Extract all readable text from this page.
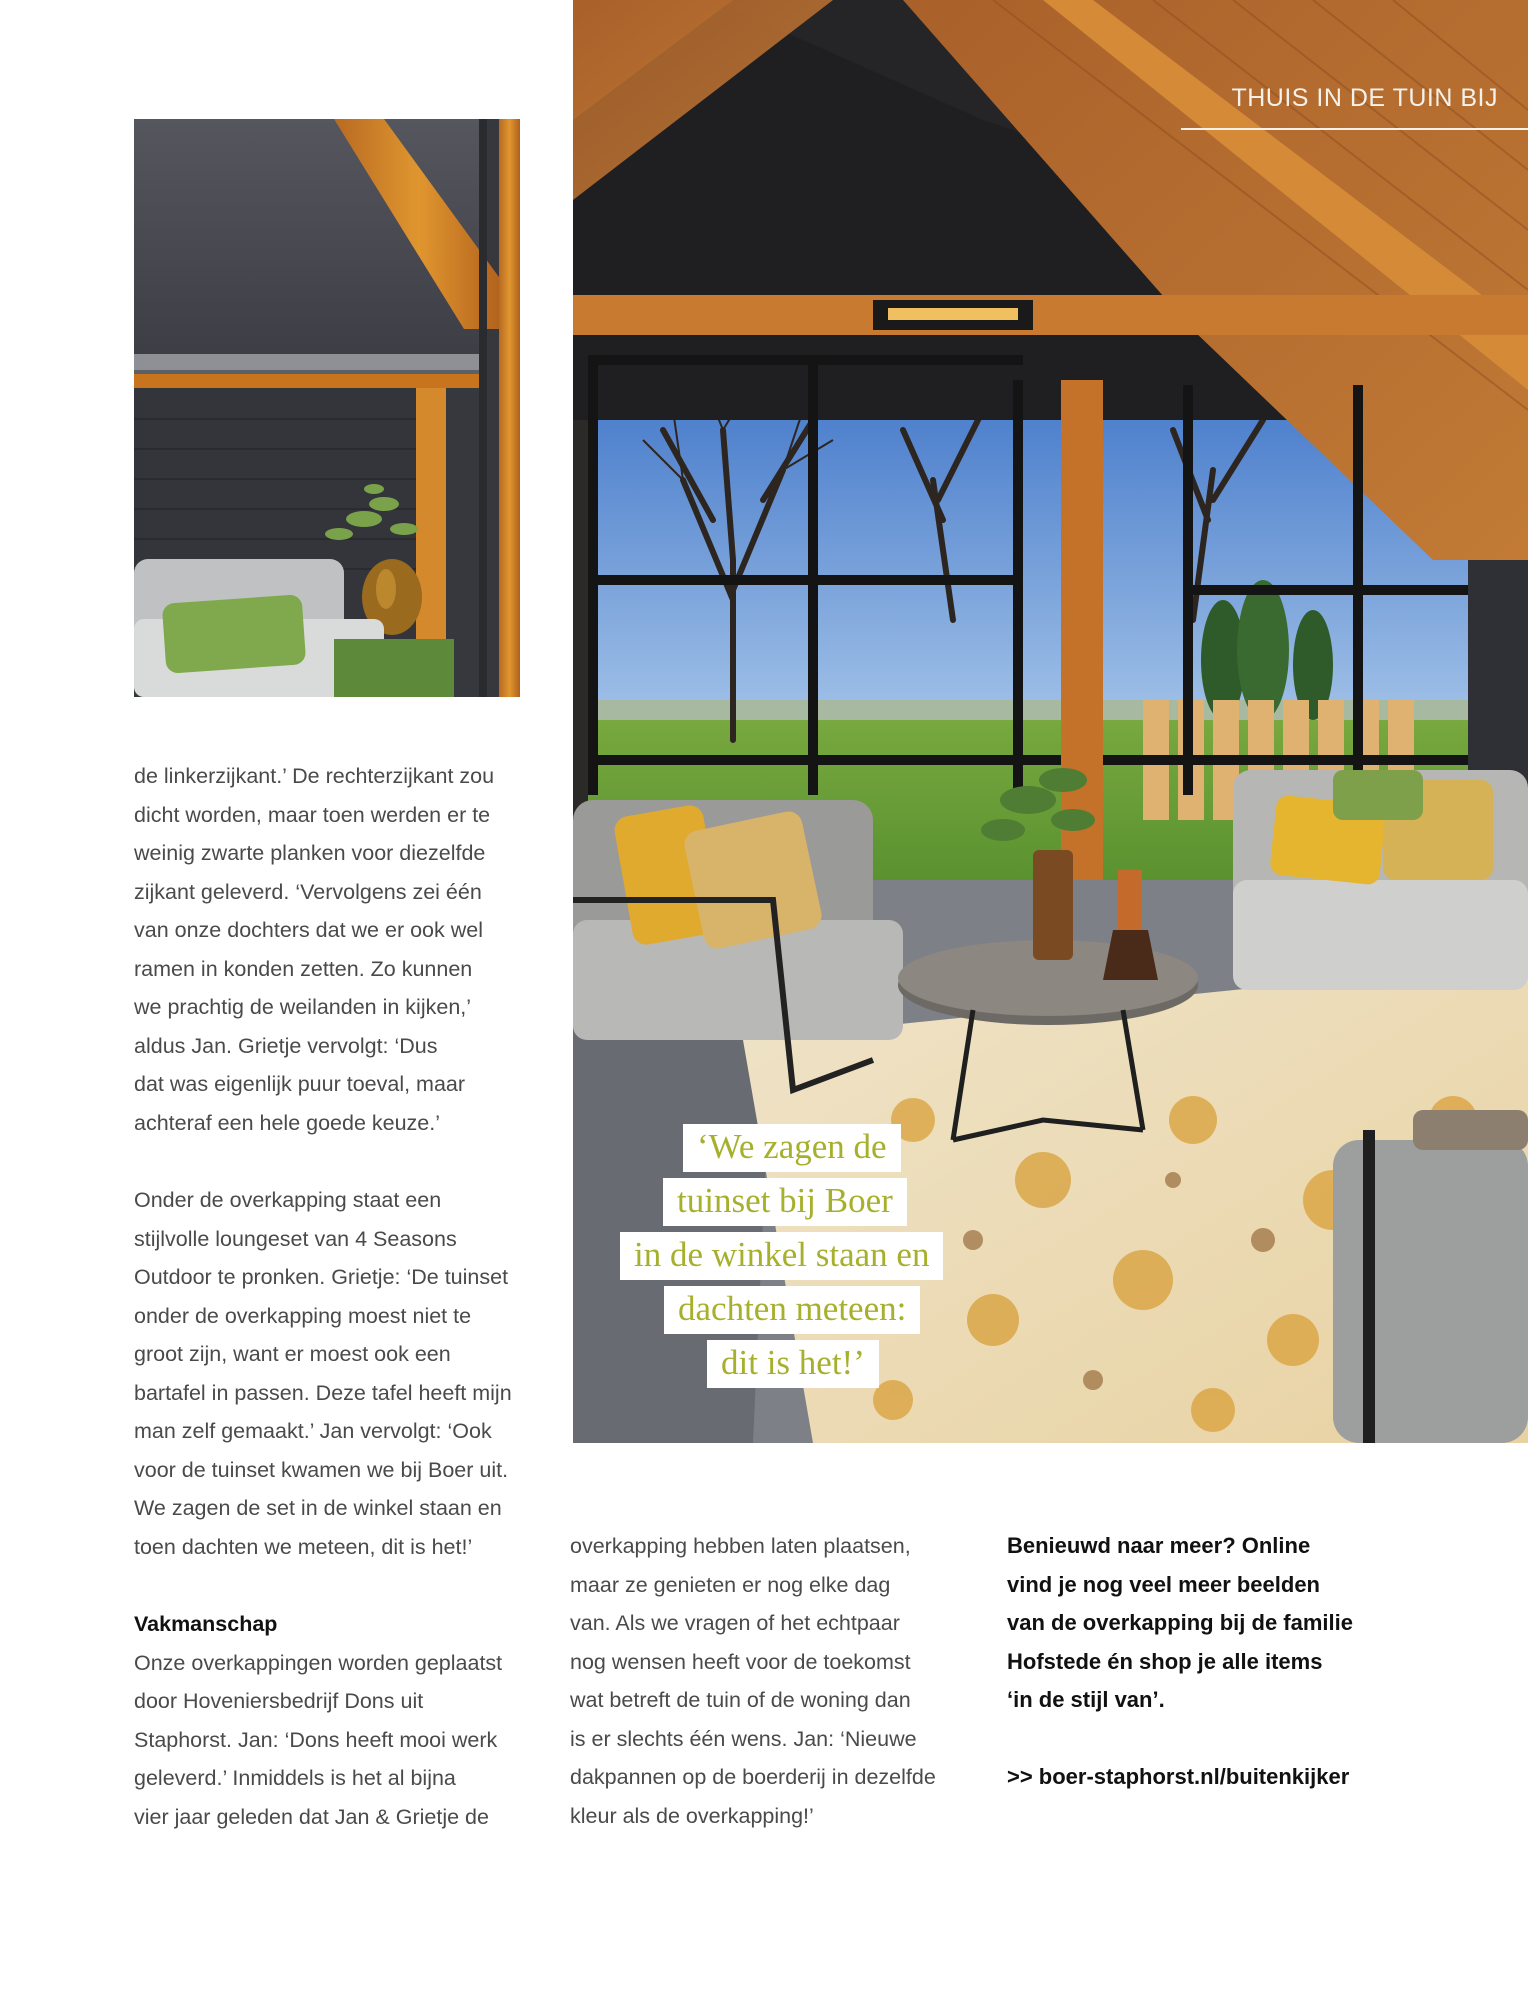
THUIS IN DE TUIN BIJ
‘We zagen de
tuinset bij Boer
in de winkel staan en
dachten meteen:
dit is het!’

de linkerzijkant.’ De rechterzijkant zou

dicht worden, maar toen werden er te

weinig zwarte planken voor diezelfde

zijkant geleverd. ‘Vervolgens zei één

van onze dochters dat we er ook wel

ramen in konden zetten. Zo kunnen

we prachtig de weilanden in kijken,’

aldus Jan. Grietje vervolgt: ‘Dus

dat was eigenlijk puur toeval, maar

achteraf een hele goede keuze.’

Onder de overkapping staat een

stijlvolle loungeset van 4 Seasons

Outdoor te pronken. Grietje: ‘De tuinset

onder de overkapping moest niet te

groot zijn, want er moest ook een

bartafel in passen. Deze tafel heeft mijn

man zelf gemaakt.’ Jan vervolgt: ‘Ook

voor de tuinset kwamen we bij Boer uit.

We zagen de set in de winkel staan en

toen dachten we meteen, dit is het!’

Vakmanschap

Onze overkappingen worden geplaatst

door Hoveniersbedrijf Dons uit

Staphorst. Jan: ‘Dons heeft mooi werk

geleverd.’ Inmiddels is het al bijna

vier jaar geleden dat Jan & Grietje de

overkapping hebben laten plaatsen,

maar ze genieten er nog elke dag

van. Als we vragen of het echtpaar

nog wensen heeft voor de toekomst

wat betreft de tuin of de woning dan

is er slechts één wens. Jan: ‘Nieuwe

dakpannen op de boerderij in dezelfde

kleur als de overkapping!’

Benieuwd naar meer? Online

vind je nog veel meer beelden

van de overkapping bij de familie

Hofstede én shop je alle items

‘in de stijl van’.

>> boer-staphorst.nl/buitenkijker
